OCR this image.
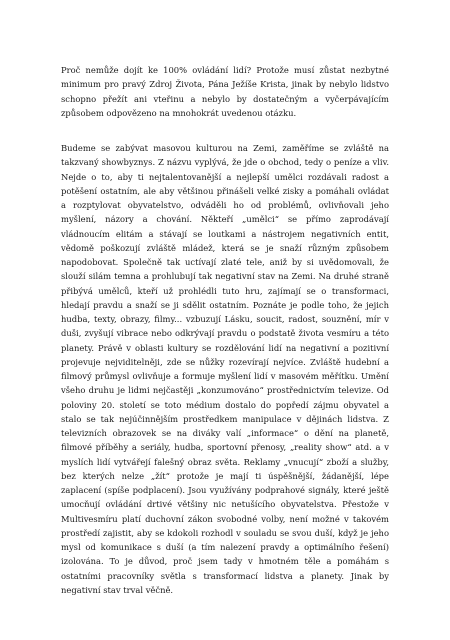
Proč nemůže dojít ke 100% ovládání lidí? Protože musí zůstat nezbytné minimum pro pravý Zdroj Života, Pána Ježíše Krista, jinak by nebylo lidstvo schopno přežít ani vteřinu a nebylo by dostatečným a vyčerpávajícím způsobem odpovězeno na mnohokrát uvedenou otázku.

Budeme se zabývat masovou kulturou na Zemi, zaměříme se zvláště na takzvaný showbyznys. Z názvu vyplývá, že jde o obchod, tedy o peníze a vliv. Nejde o to, aby ti nejtalentovanější a nejlepší umělci rozdávali radost a potěšení ostatním, ale aby většinou přinášeli velké zisky a pomáhali ovládat a rozptylovat obyvatelstvo, odváděli ho od problémů, ovlivňovali jeho myšlení, názory a chování. Někteří „umělci“ se přímo zaprodávají vládnoucím elitám a stávají se loutkami a nástrojem negativních entit, vědomě poškozují zvláště mládež, která se je snaží různým způsobem napodobovat. Společně tak uctívají zlaté tele, aniž by si uvědomovali, že slouží silám temna a prohlubují tak negativní stav na Zemi. Na druhé straně přibývá umělců, kteří už prohlédli tuto hru, zajímají se o transformaci, hledají pravdu a snaží se ji sdělit ostatním. Poznáte je podle toho, že jejich hudba, texty, obrazy, filmy... vzbuzují Lásku, soucit, radost, souznění, mír v duši, zvyšují vibrace nebo odkrývají pravdu o podstatě života vesmíru a této planety. Právě v oblasti kultury se rozdělování lidí na negativní a pozitivní projevuje nejviditelněji, zde se nůžky rozevírají nejvíce. Zvláště hudební a filmový průmysl ovlivňuje a formuje myšlení lidí v masovém měřítku. Umění všeho druhu je lidmi nejčastěji „konzumováno“ prostřednictvím televize. Od poloviny 20. století se toto médium dostalo do popředí zájmu obyvatel a stalo se tak nejúčinnějším prostředkem manipulace v dějinách lidstva. Z televizních obrazovek se na diváky valí „informace“ o dění na planetě, filmové příběhy a seriály, hudba, sportovní přenosy, „reality show“ atd. a v myslích lidí vytvářejí falešný obraz světa. Reklamy „vnucují“ zboží a služby, bez kterých nelze „žít“ protože je mají ti úspěšnější, žádanější, lépe zaplacení (spíše podplacení). Jsou využívány podprahové signály, které ještě umocňují ovládání drtivé většiny nic netušícího obyvatelstva. Přestože v Multivesmíru platí duchovní zákon svobodné volby, není možné v takovém prostředí zajistit, aby se kdokoli rozhodl v souladu se svou duší, když je jeho mysl od komunikace s duší (a tím nalezení pravdy a optimálního řešení) izolována. To je důvod, proč jsem tady v hmotném těle a pomáhám s ostatními pracovníky světla s transformací lidstva a planety. Jinak by negativní stav trval věčně.
